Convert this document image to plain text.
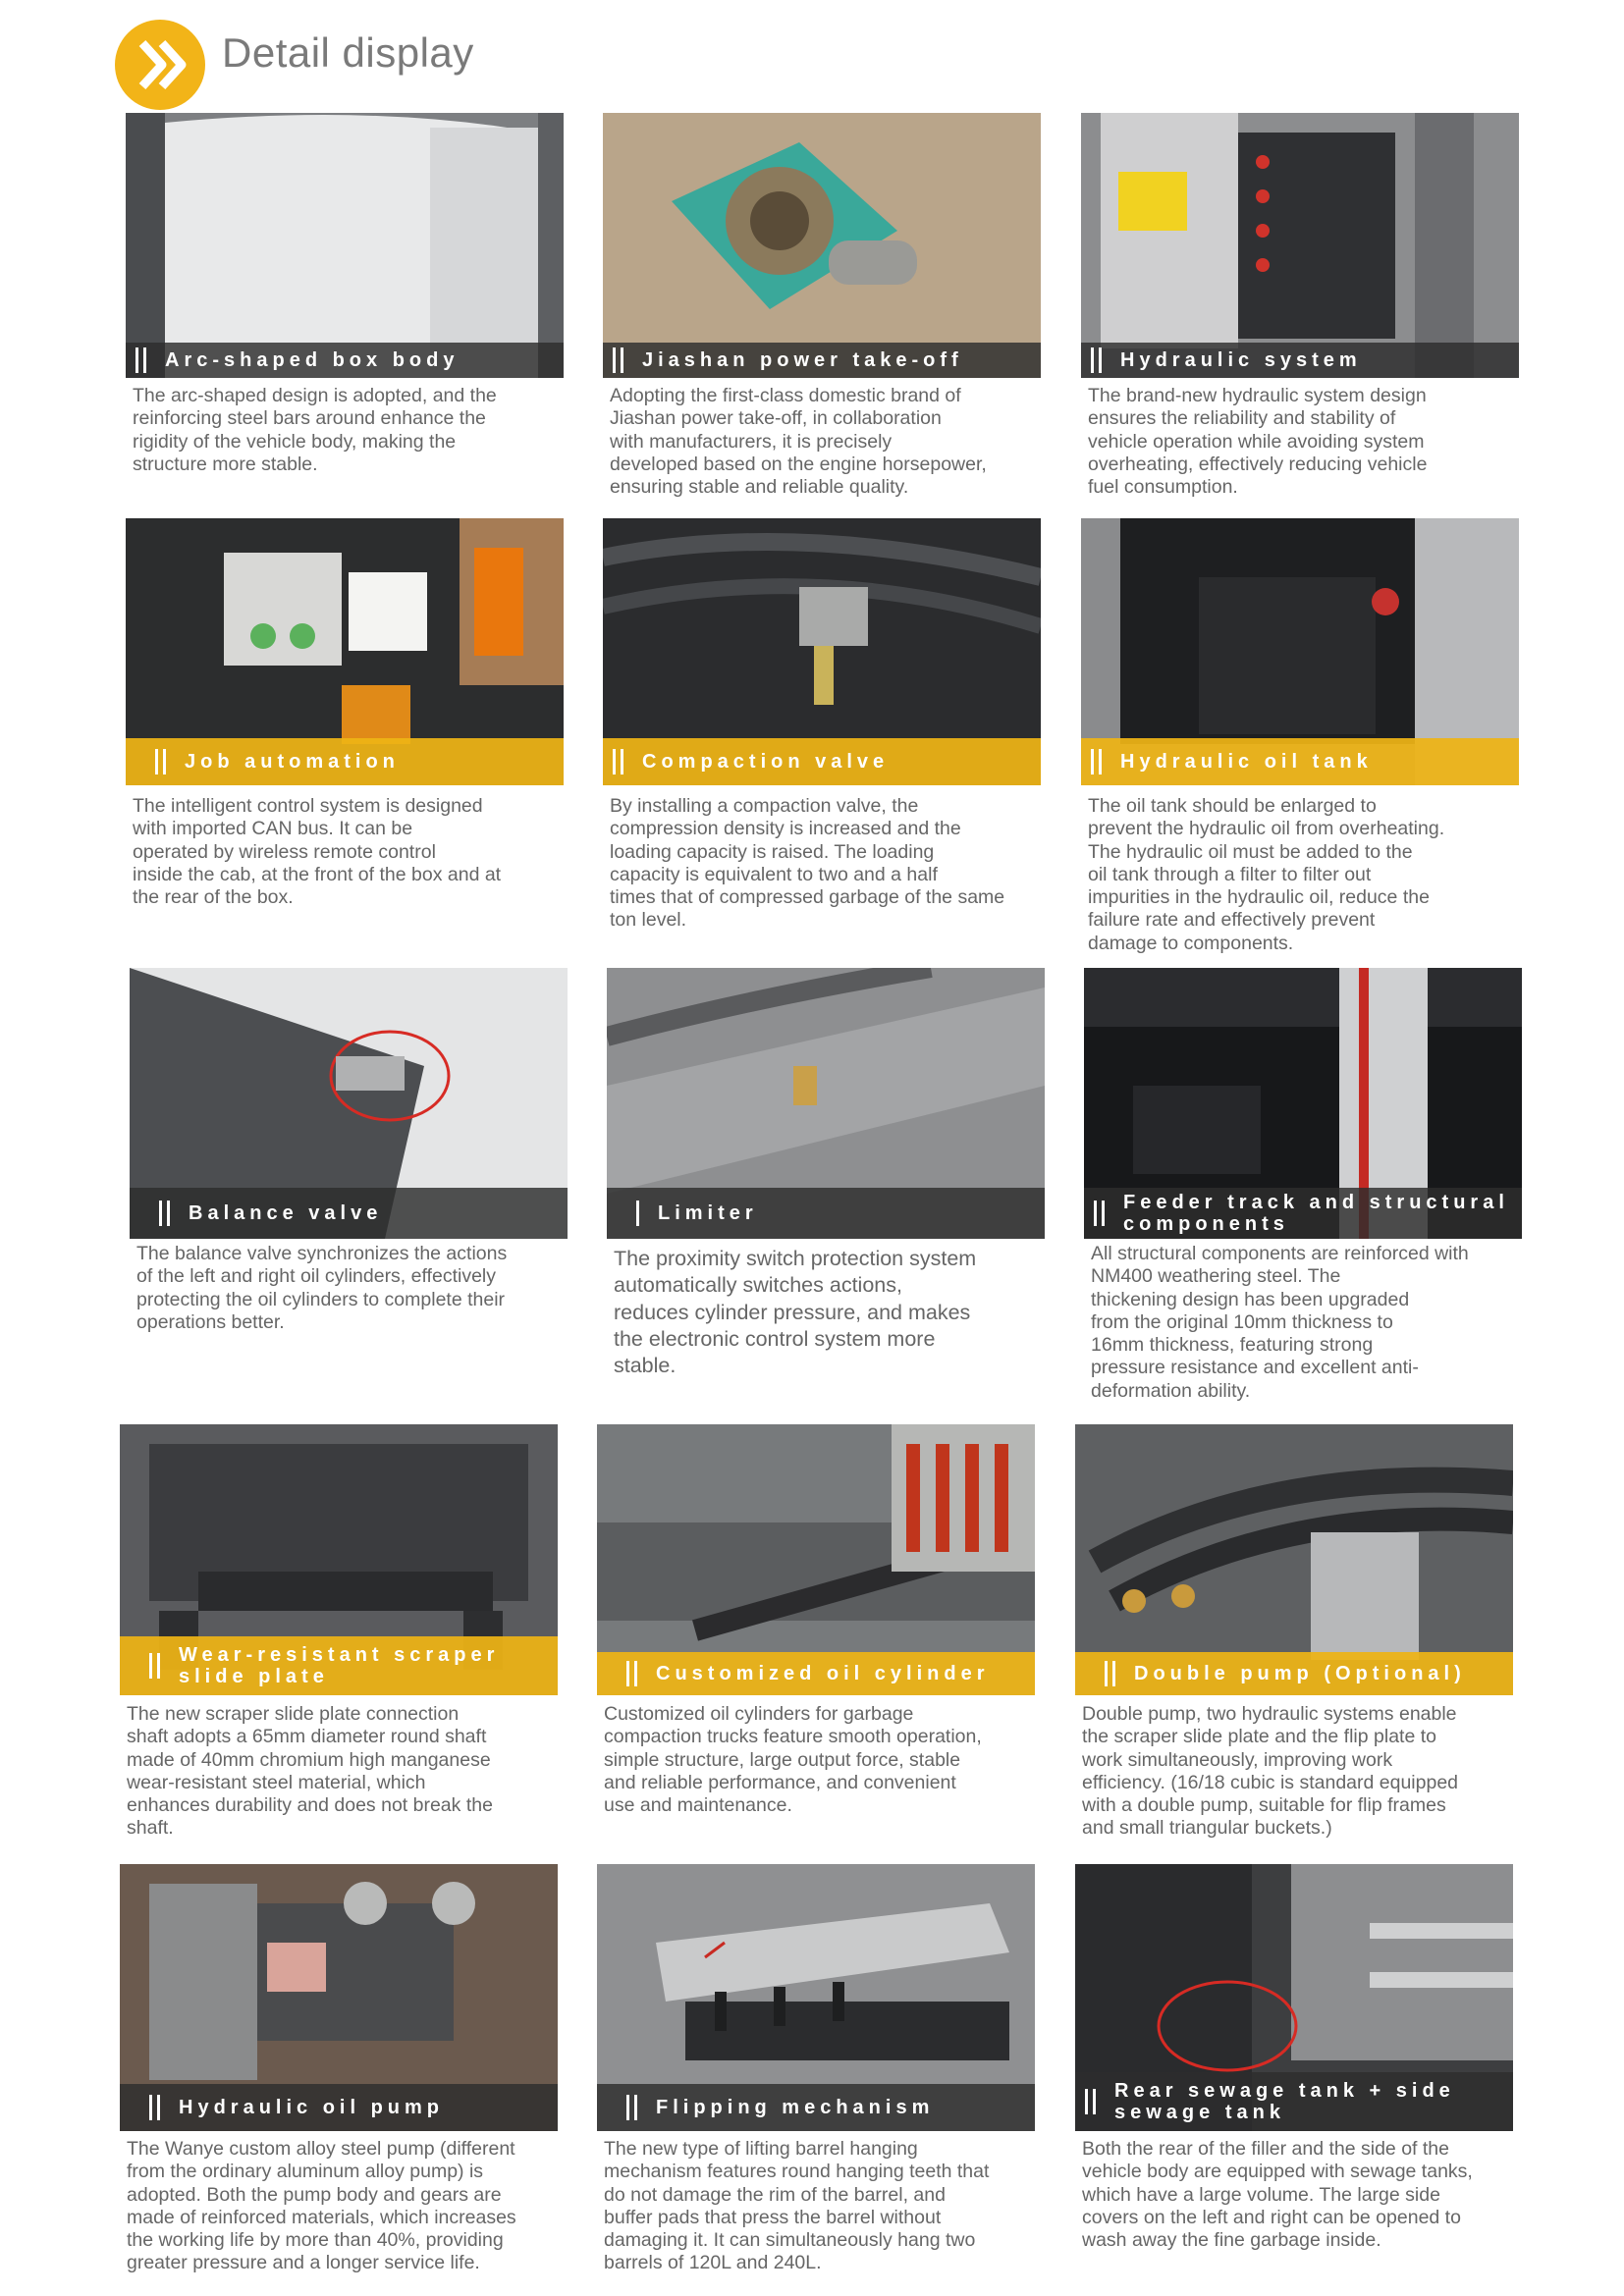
Detail display
Arc-shaped box body
The arc-shaped design is adopted, and the
reinforcing steel bars around enhance the
rigidity of the vehicle body, making the
structure more stable.
Jiashan power take-off
Adopting the first-class domestic brand of
Jiashan power take-off, in collaboration
with manufacturers, it is precisely
developed based on the engine horsepower,
ensuring stable and reliable quality.
Hydraulic system
The brand-new hydraulic system design
ensures the reliability and stability of
vehicle operation while avoiding system
overheating, effectively reducing vehicle
fuel consumption.
Job automation
The intelligent control system is designed
with imported CAN bus. It can be
operated by wireless remote control
inside the cab, at the front of the box and at
the rear of the box.
Compaction valve
By installing a compaction valve, the
compression density is increased and the
loading capacity is raised. The loading
capacity is equivalent to two and a half
times that of compressed garbage of the same
ton level.
Hydraulic oil tank
The oil tank should be enlarged to
prevent the hydraulic oil from overheating.
The hydraulic oil must be added to the
oil tank through a filter to filter out
impurities in the hydraulic oil, reduce the
failure rate and effectively prevent
damage to components.
Balance valve
The balance valve synchronizes the actions
of the left and right oil cylinders, effectively
protecting the oil cylinders to complete their
operations better.
Limiter
The proximity switch protection system
automatically switches actions,
reduces cylinder pressure, and makes
the electronic control system more
stable.
Feeder track and structural
components
All structural components are reinforced with
NM400 weathering steel. The
thickening design has been upgraded
from the original 10mm thickness to
16mm thickness, featuring strong
pressure resistance and excellent anti-
deformation ability.
Wear-resistant scraper
slide plate
The new scraper slide plate connection
shaft adopts a 65mm diameter round shaft
made of 40mm chromium high manganese
wear-resistant steel material, which
enhances durability and does not break the
shaft.
Customized oil cylinder
Customized oil cylinders for garbage
compaction trucks feature smooth operation,
simple structure, large output force, stable
and reliable performance, and convenient
use and maintenance.
Double pump (Optional)
Double pump, two hydraulic systems enable
the scraper slide plate and the flip plate to
work simultaneously, improving work
efficiency. (16/18 cubic is standard equipped
with a double pump, suitable for flip frames
and small triangular buckets.)
Hydraulic oil pump
The Wanye custom alloy steel pump (different
from the ordinary aluminum alloy pump) is
adopted. Both the pump body and gears are
made of reinforced materials, which increases
the working life by more than 40%, providing
greater pressure and a longer service life.
Flipping mechanism
The new type of lifting barrel hanging
mechanism features round hanging teeth that
do not damage the rim of the barrel, and
buffer pads that press the barrel without
damaging it. It can simultaneously hang two
barrels of 120L and 240L.
Rear sewage tank + side
sewage tank
Both the rear of the filler and the side of the
vehicle body are equipped with sewage tanks,
which have a large volume. The large side
covers on the left and right can be opened to
wash away the fine garbage inside.
